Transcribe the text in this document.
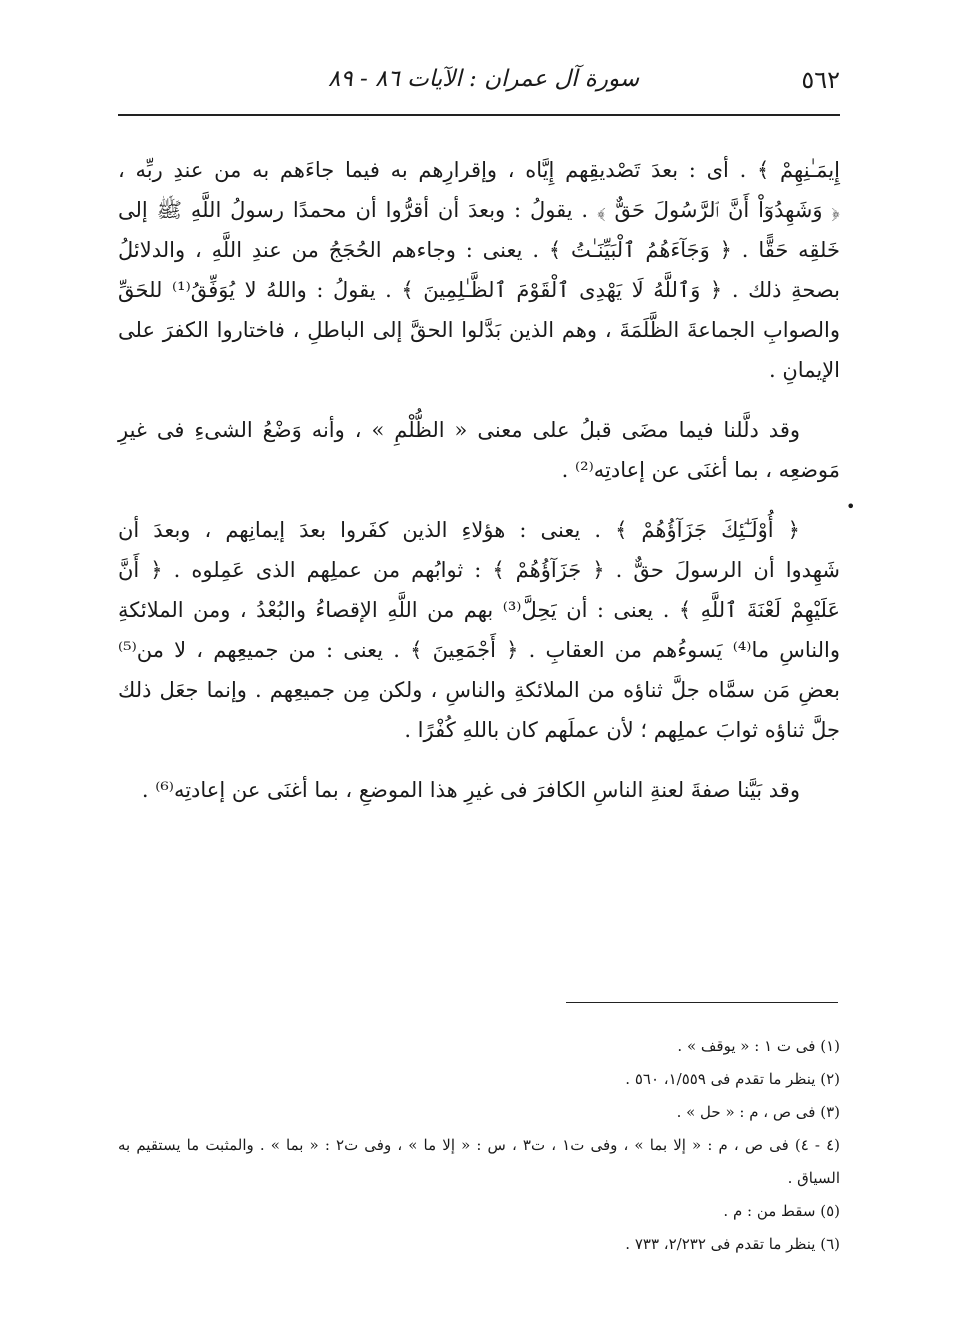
٥٦٢
سورة آل عمران : الآيات ٨٦ - ٨٩
•
إِيمَـٰنِهِمْ ﴾ . أى : بعدَ تَصْديقِهم إِيَّاه ، وإقرارِهم به فيما جاءَهم به من عندِ ربِّه ،
﴿ وَشَهِدُوٓاْ أَنَّ ٱلرَّسُولَ حَقٌّ ﴾ . يقولُ : وبعدَ أن أقرُّوا أن محمدًا رسولُ اللَّهِ ﷺ إلى
خَلقِه حَقًّا . ﴿ وَجَآءَهُمُ ٱلْبَيِّنَـٰتُ ﴾ . يعنى : وجاءهم الحُجَجُ من عندِ اللَّهِ ، والدلائلُ
بصحةِ ذلك . ﴿ وَٱللَّهُ لَا يَهْدِى ٱلْقَوْمَ ٱلظَّـٰلِمِينَ ﴾ . يقولُ : واللهُ لا يُوَفِّقُ⁽¹⁾ للحَقِّ
والصوابِ الجماعةَ الظَّلَمَةَ ، وهم الذين بَدَّلوا الحقَّ إلى الباطلِ ، فاختاروا الكفرَ على
الإيمانِ .
وقد دلَّلنا فيما مضَى قبلُ على معنى « الظُّلْمِ » ، وأنه وَضْعُ الشىءِ فى غيرِ
مَوضعِه ، بما أغنَى عن إعادتِه⁽²⁾ .
﴿ أُوْلَـٰٓئِكَ جَزَآؤُهُمْ ﴾ . يعنى : هؤلاءِ الذين كفَروا بعدَ إيمانِهم ، وبعدَ أن
شَهِدوا أن الرسولَ حقٌّ . ﴿ جَزَآؤُهُمْ ﴾ : ثوابُهم من عملِهم الذى عَمِلوه . ﴿ أَنَّ
عَلَيْهِمْ لَعْنَةَ ٱللَّهِ ﴾ . يعنى : أن يَحِلَّ⁽³⁾ بهم من اللَّهِ الإقصاءُ والبُعْدُ ، ومن الملائكةِ
والناسِ ما⁽⁴⁾ يَسوءُهم من العقابِ . ﴿ أَجْمَعِينَ ﴾ . يعنى : من جميعِهم ، لا من⁽⁵⁾
بعضِ مَن سمَّاه جلَّ ثناؤه من الملائكةِ والناسِ ، ولكن مِن جميعِهم . وإنما جعَل ذلك
جلَّ ثناؤه ثوابَ عملِهم ؛ لأن عملَهم كان باللهِ كُفْرًا .
وقد بَيَّنا صفةَ لعنةِ الناسِ الكافرَ فى غيرِ هذا الموضعِ ، بما أغنَى عن إعادتِه⁽⁶⁾ .
(١) فى ت ١ : « يوقف » .
(٢) ينظر ما تقدم فى ١/٥٥٩، ٥٦٠ .
(٣) فى ص ، م : « حل » .
(٤ - ٤) فى ص ، م : « إلا بما » ، وفى ت١ ، ت٣ ، س : « إلا ما » ، وفى ت٢ : « بما » . والمثبت ما يستقيم به
السياق .
(٥) سقط من : م .
(٦) ينظر ما تقدم فى ٢/٢٣٢، ٧٣٣ .
